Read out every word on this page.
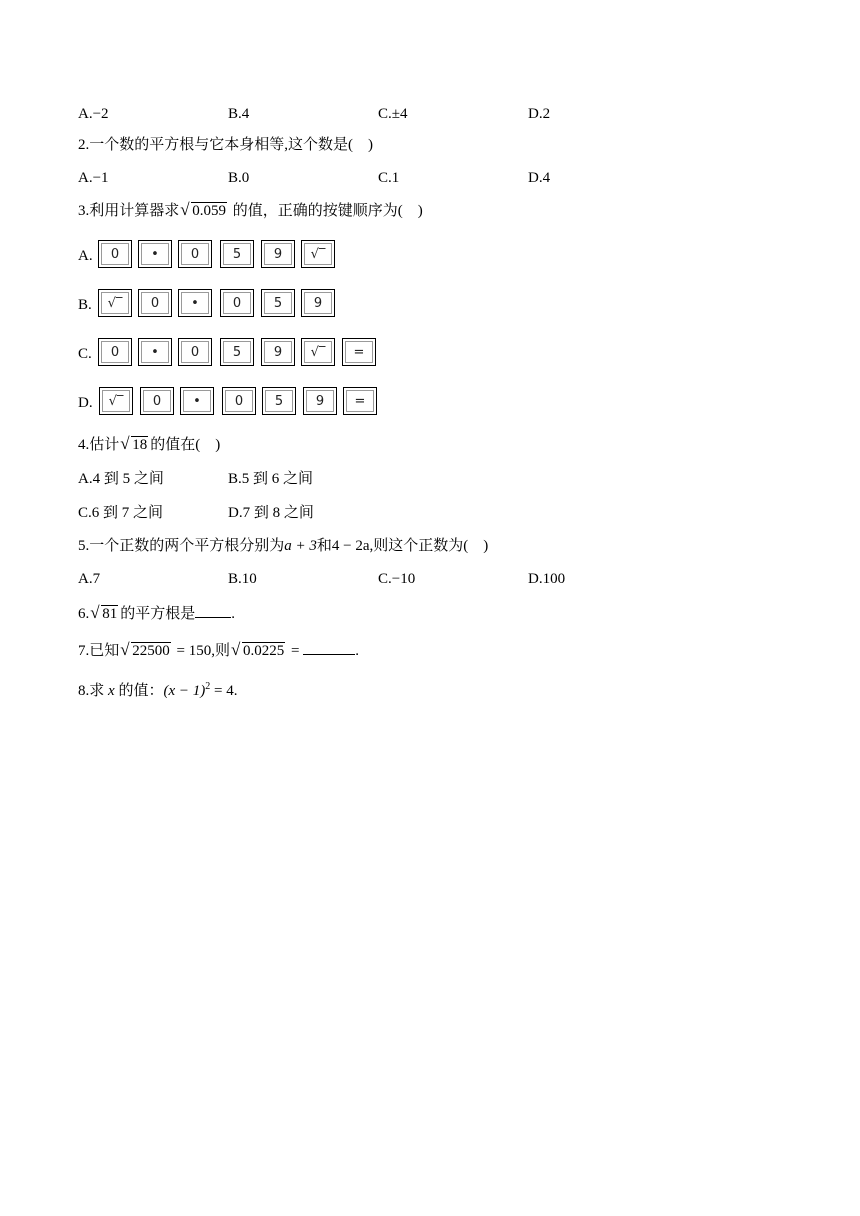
A.−2	B.4	C.±4	D.2
2.一个数的平方根与它本身相等,这个数是( )
A.−1	B.0	C.1	D.4
3.利用计算器求 √ 0.059 的值，正确的按键顺序为( )
A.	0	•	0	5	9	√‾
B.	√‾	0	•	0	5	9
C.	0	•	0	5	9	√‾	=
D.	√‾	0	•	0	5	9	=
4.估计 √ 18 的值在( )
A.4 到 5 之间	B.5 到 6 之间
C.6 到 7 之间	D.7 到 8 之间
5.一个正数的两个平方根分别为a + 3和4 − 2a,则这个正数为( )
A.7	B.10	C.−10	D.100
6. √ 81 的平方根是 .
7.已知 √ 22500 = 150,则 √ 0.0225 =	.
8.求 x 的值：$(x - 1)^2 = 4$.
